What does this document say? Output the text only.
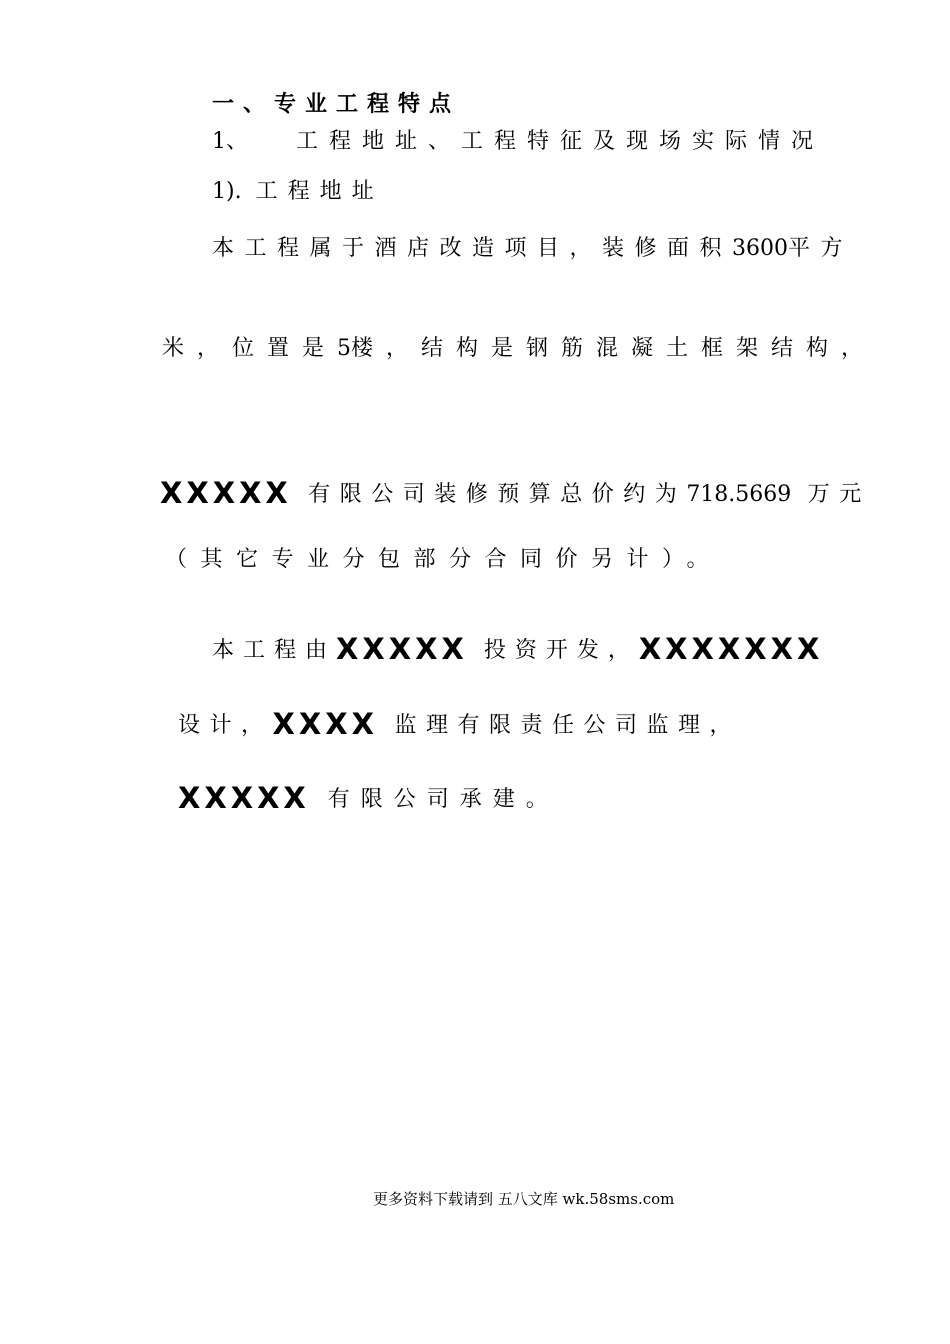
一、专业工程特点
1、 工程地址、工程特征及现场实际情况
1). 工程地址
本工程属于酒店改造项目，装修面积3600平方
米，位置是5楼，结构是钢筋混凝土框架结构，
XXXXX 有限公司装修预算总价约为718.5669 万元
（其它专业分包部分合同价另计）。
本工程由XXXXX 投资开发，XXXXXXX
设计，XXXX 监理有限责任公司监理，
XXXXX 有限公司承建。
更多资料下载请到 五八文库 wk.58sms.com
